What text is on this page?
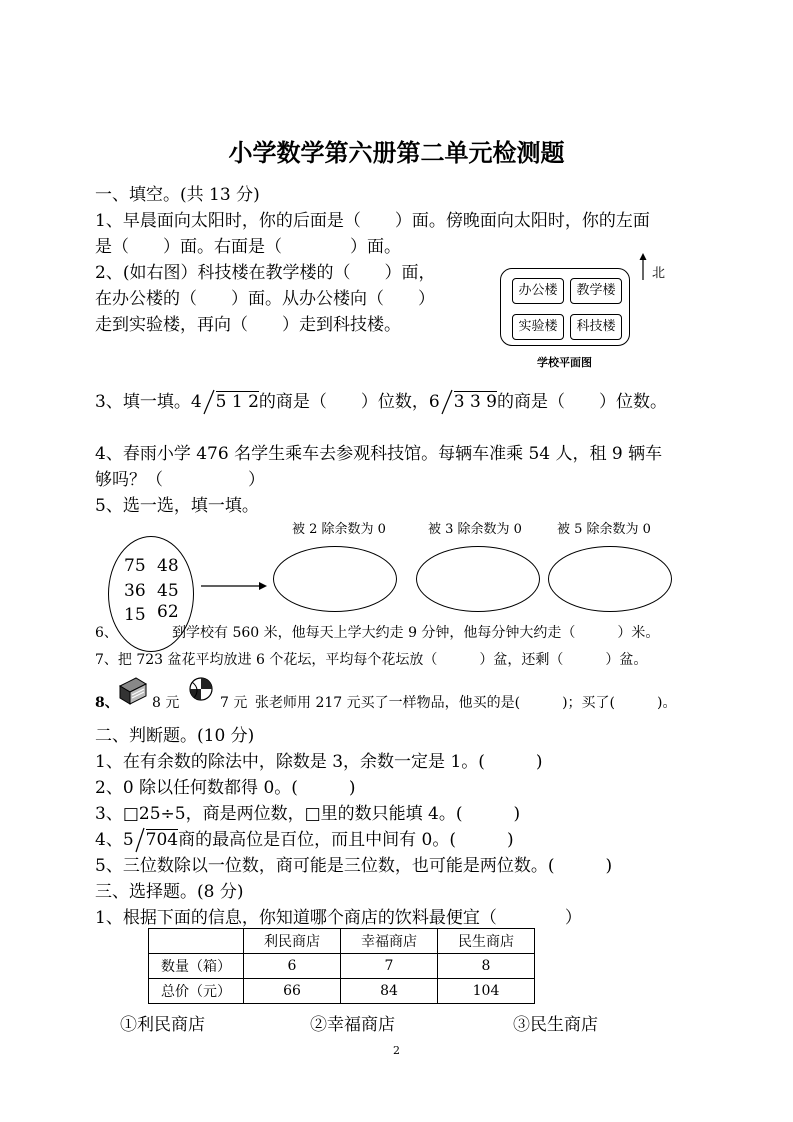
小学数学第六册第二单元检测题
一、填空。(共 13 分)
1、早晨面向太阳时，你的后面是（　　）面。傍晚面向太阳时，你的左面
是（　　）面。右面是（　　　　）面。
2、(如右图）科技楼在教学楼的（　　）面，
在办公楼的（　　）面。从办公楼向（　　）
走到实验楼，再向（　　）走到科技楼。
办公楼	教学楼
实验楼	科技楼
北
学校平面图
3、填一填。4 5 1 2的商是（　　）位数，6 3 3 9的商是（　　）位数。
4、春雨小学 476 名学生乘车去参观科技馆。每辆车准乘 54 人，租 9 辆车
够吗？（　　　　　）
5、选一选，填一填。
被 2 除余数为 0	被 3 除余数为 0	被 5 除余数为 0
75 48
36 45
15 62
6、	到学校有 560 米，他每天上学大约走 9 分钟，他每分钟大约走（　　　）米。
7、把 723 盆花平均放进 6 个花坛，平均每个花坛放（　　　）盆，还剩（　　　）盆。
8、 8 元	7 元 张老师用 217 元买了一样物品，他买的是(　　　)；买了(　　　)。
二、判断题。(10 分)
1、在有余数的除法中，除数是 3，余数一定是 1。(　　　)
2、0 除以任何数都得 0。(　　　)
3、□25÷5，商是两位数，□里的数只能填 4。(　　　)
4、5 704商的最高位是百位，而且中间有 0。(　　　)
5、三位数除以一位数，商可能是三位数，也可能是两位数。(　　　)
三、选择题。(8 分)
1、根据下面的信息，你知道哪个商店的饮料最便宜（　　　　）
	利民商店	幸福商店	民生商店
数量（箱）	6	7	8
总价（元）	66	84	104
①利民商店	②幸福商店	③民生商店
2
